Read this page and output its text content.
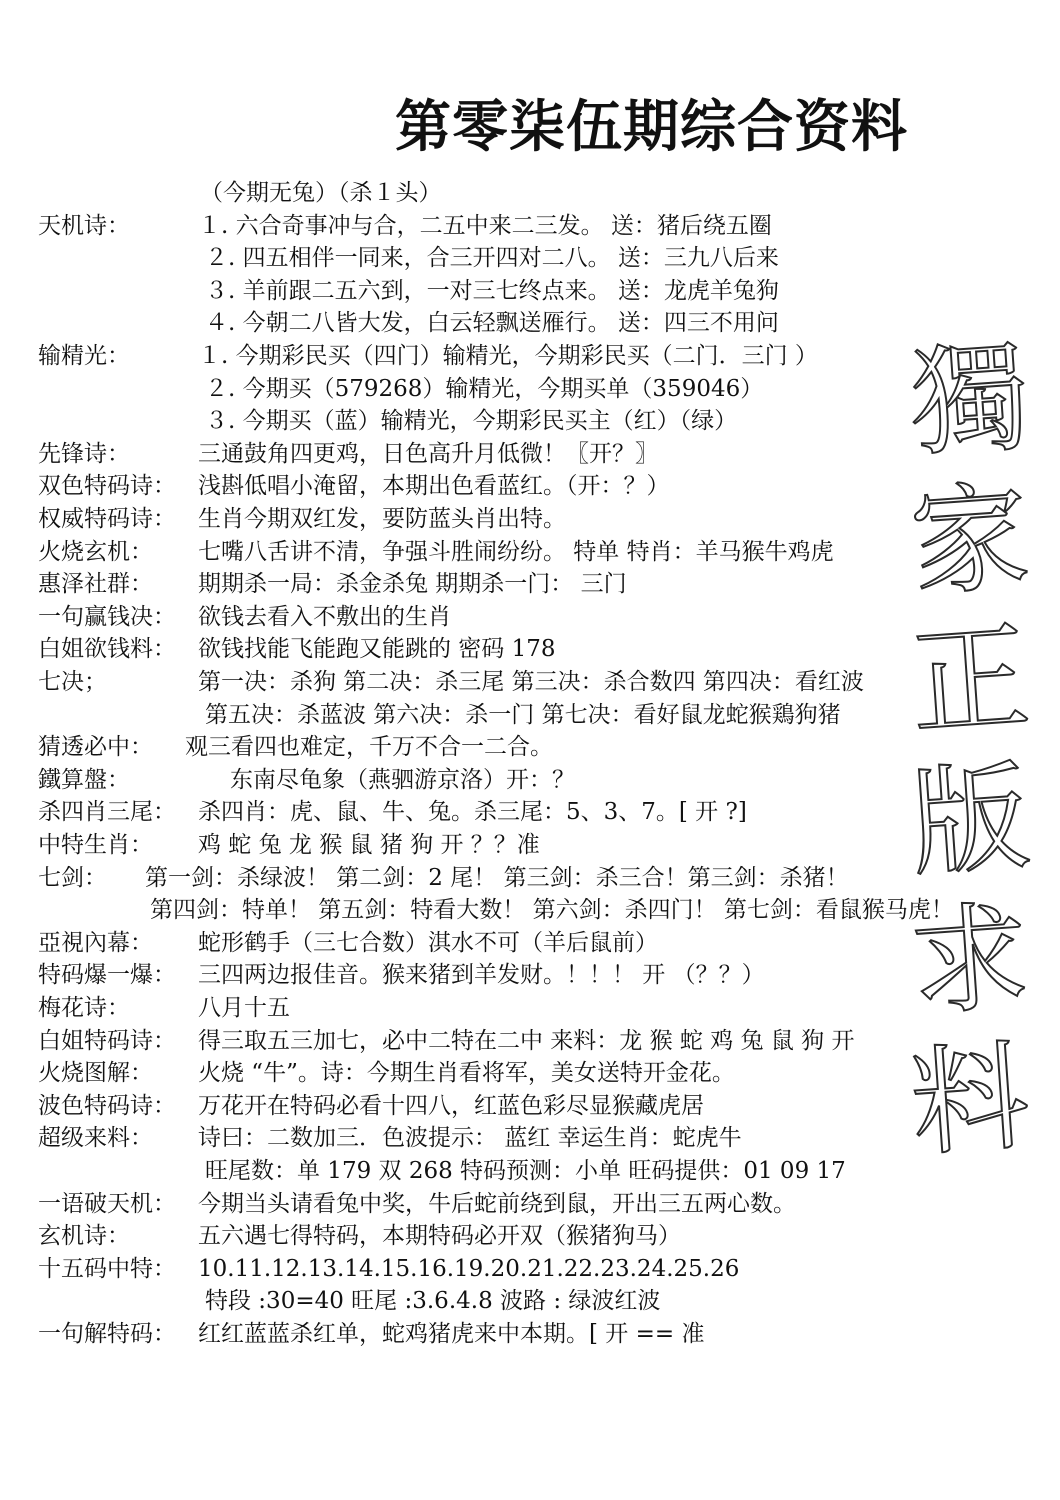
第零柒伍期综合资料
（今期无兔）（杀１头）
天机诗：	１. 六合奇事冲与合，二五中来二三发。 送：猪后绕五圈
２. 四五相伴一同来，合三开四对二八。 送：三九八后来
３. 羊前跟二五六到，一对三七终点来。 送：龙虎羊兔狗
４. 今朝二八皆大发，白云轻飘送雁行。 送：四三不用问
输精光：	１. 今期彩民买（四门）输精光，今期彩民买（二门．三门 ）
２. 今期买（579268）输精光，今期买单（359046）
３. 今期买（蓝）输精光，今期彩民买主（红）（绿）
先锋诗：	三通鼓角四更鸡，日色高升月低微！〖开？〗
双色特码诗： 浅斟低唱小淹留，本期出色看蓝红。（开：？）
权威特码诗： 生肖今期双红发，要防蓝头肖出特。
火烧玄机： 七嘴八舌讲不清，争强斗胜闹纷纷。 特单 特肖：羊马猴牛鸡虎
惠泽社群： 期期杀一局：杀金杀兔 期期杀一门： 三门
一句赢钱决： 欲钱去看入不敷出的生肖
白姐欲钱料： 欲钱找能飞能跑又能跳的 密码 178
七决；	第一决：杀狗 第二决：杀三尾 第三决：杀合数四 第四决：看红波
第五决：杀蓝波 第六决：杀一门 第七决：看好鼠龙蛇猴鶏狗猪
猜透必中： 观三看四也难定，千万不合一二合。
鐵算盤：	东南尽龟象（燕驷游京洛）开：？
杀四肖三尾： 杀四肖：虎、鼠、牛、兔。杀三尾：5、3、7。[ 开 ?]
中特生肖： 鸡 蛇 兔 龙 猴 鼠 猪 狗 开 ？？准
七剑： 第一剑：杀绿波！ 第二剑：2 尾！ 第三剑：杀三合！第三剑：杀猪！
第四剑：特单！ 第五剑：特看大数！ 第六剑：杀四门！ 第七剑：看鼠猴马虎！
亞視內幕： 蛇形鹤手（三七合数）淇水不可（羊后鼠前）
特码爆一爆： 三四两边报佳音。猴来猪到羊发财。！！！ 开 （？？）
梅花诗：	八月十五
白姐特码诗： 得三取五三加七，必中二特在二中 来料：龙 猴 蛇 鸡 兔 鼠 狗 开
火烧图解： 火烧 “牛”。诗：今期生肖看将军，美女送特开金花。
波色特码诗： 万花开在特码必看十四八，红蓝色彩尽显猴藏虎居
超级来料： 诗曰：二数加三．色波提示： 蓝红 幸运生肖：蛇虎牛
旺尾数：单 179 双 268 特码预测：小单 旺码提供：01 09 17
一语破天机： 今期当头请看兔中奖，牛后蛇前绕到鼠，开出三五两心数。
玄机诗：	五六遇七得特码，本期特码必开双（猴猪狗马）
十五码中特： 10.11.12.13.14.15.16.19.20.21.22.23.24.25.26
特段 :30=40 旺尾 :3.6.4.8 波路 : 绿波红波
一句解特码： 红红蓝蓝杀红单，蛇鸡猪虎来中本期。[ 开 == 准
獨
家
正
版
求
料
